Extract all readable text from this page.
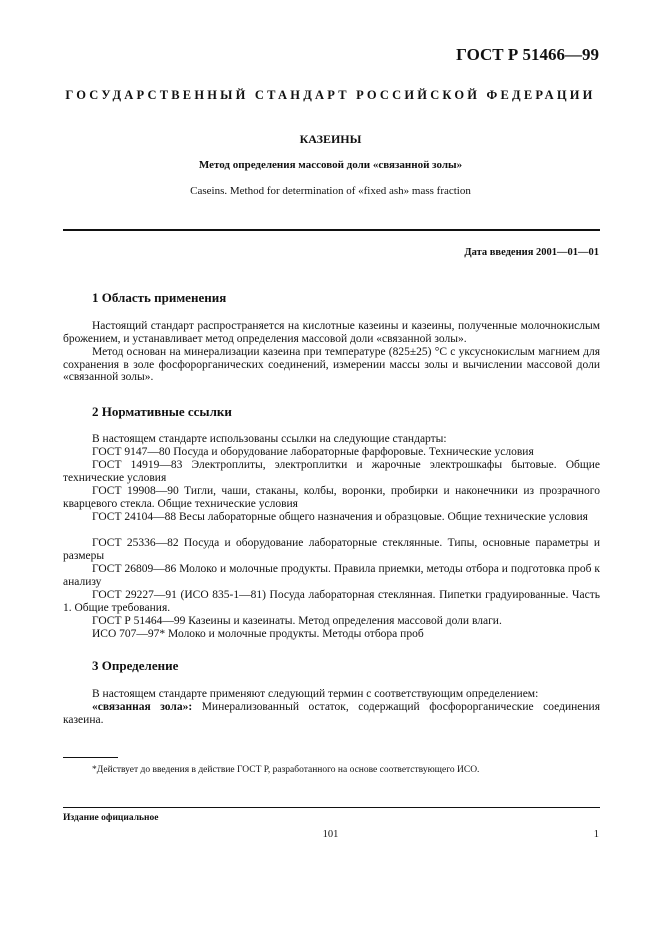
ГОСТ Р 51466—99
ГОСУДАРСТВЕННЫЙ СТАНДАРТ РОССИЙСКОЙ ФЕДЕРАЦИИ
КАЗЕИНЫ
Метод определения массовой доли «связанной золы»
Caseins. Method for determination of «fixed ash» mass fraction
Дата введения 2001—01—01
1 Область применения
Настоящий стандарт распространяется на кислотные казеины и казеины, полученные молочнокислым брожением, и устанавливает метод определения массовой доли «связанной золы».
Метод основан на минерализации казеина при температуре (825±25) °С с уксуснокислым магнием для сохранения в золе фосфорорганических соединений, измерении массы золы и вычислении массовой доли «связанной золы».
2 Нормативные ссылки
В настоящем стандарте использованы ссылки на следующие стандарты:
ГОСТ 9147—80 Посуда и оборудование лабораторные фарфоровые. Технические условия
ГОСТ 14919—83 Электроплиты, электроплитки и жарочные электрошкафы бытовые. Общие технические условия
ГОСТ 19908—90 Тигли, чаши, стаканы, колбы, воронки, пробирки и наконечники из прозрачного кварцевого стекла. Общие технические условия
ГОСТ 24104—88 Весы лабораторные общего назначения и образцовые. Общие технические условия
ГОСТ 25336—82 Посуда и оборудование лабораторные стеклянные. Типы, основные параметры и размеры
ГОСТ 26809—86 Молоко и молочные продукты. Правила приемки, методы отбора и подготовка проб к анализу
ГОСТ 29227—91 (ИСО 835-1—81) Посуда лабораторная стеклянная. Пипетки градуированные. Часть 1. Общие требования.
ГОСТ Р 51464—99 Казеины и казеинаты. Метод определения массовой доли влаги.
ИСО 707—97* Молоко и молочные продукты. Методы отбора проб
3 Определение
В настоящем стандарте применяют следующий термин с соответствующим определением:
«связанная зола»: Минерализованный остаток, содержащий фосфорорганические соединения казеина.
*Действует до введения в действие ГОСТ Р, разработанного на основе соответствующего ИСО.
Издание официальное
101	1
